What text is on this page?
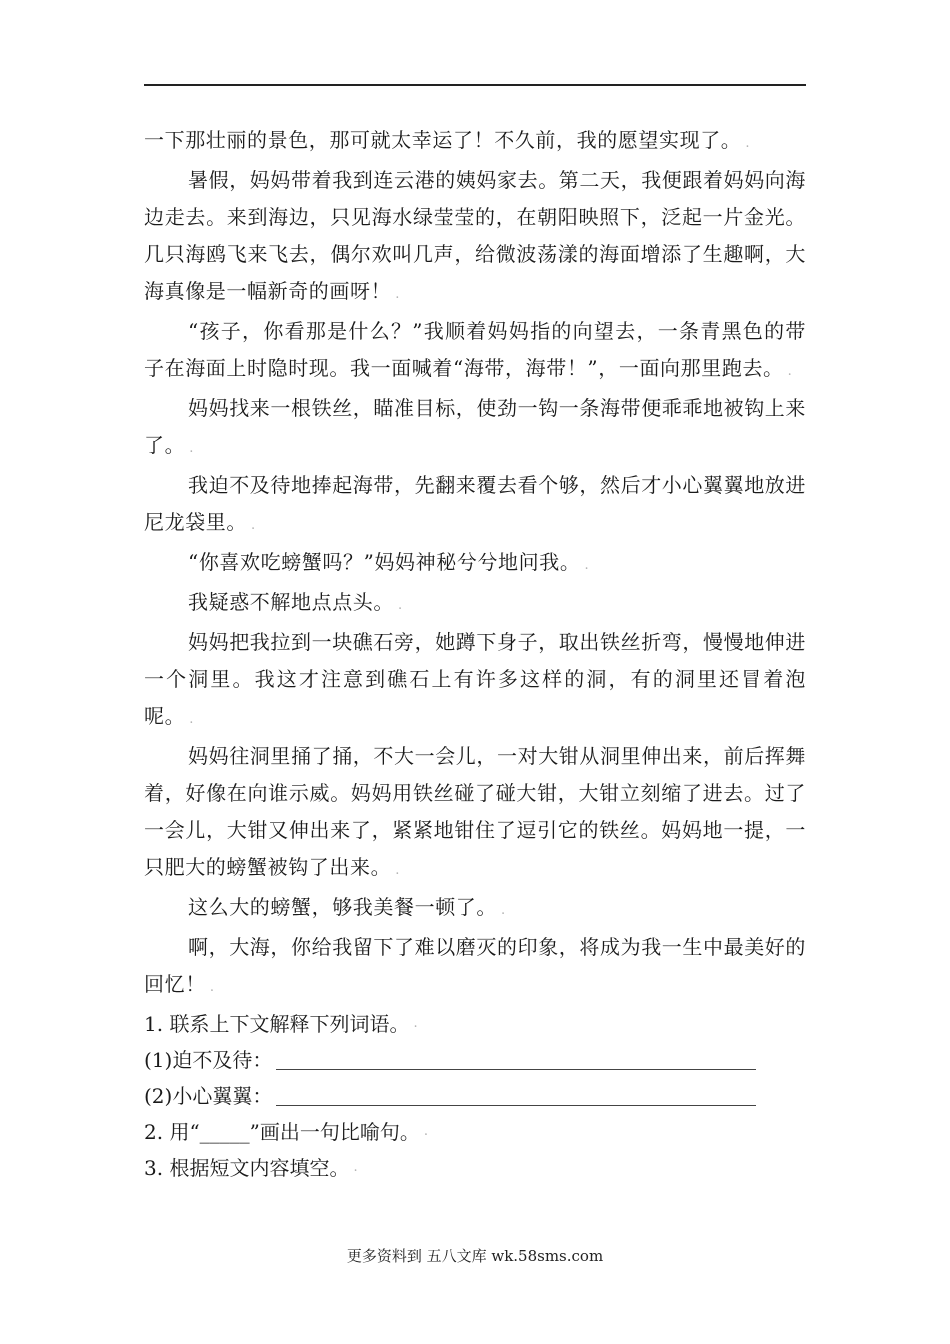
一下那壮丽的景色，那可就太幸运了！不久前，我的愿望实现了。 .

暑假，妈妈带着我到连云港的姨妈家去。第二天，我便跟着妈妈向海边走去。来到海边，只见海水绿莹莹的，在朝阳映照下，泛起一片金光。几只海鸥飞来飞去，偶尔欢叫几声，给微波荡漾的海面增添了生趣啊，大海真像是一幅新奇的画呀！ .

“孩子，你看那是什么？”我顺着妈妈指的向望去，一条青黑色的带子在海面上时隐时现。我一面喊着“海带，海带！”，一面向那里跑去。 .

妈妈找来一根铁丝，瞄准目标，使劲一钩一条海带便乖乖地被钩上来了。 .

我迫不及待地捧起海带，先翻来覆去看个够，然后才小心翼翼地放进尼龙袋里。 .

“你喜欢吃螃蟹吗？”妈妈神秘兮兮地问我。 .

我疑惑不解地点点头。 .

妈妈把我拉到一块礁石旁，她蹲下身子，取出铁丝折弯，慢慢地伸进一个洞里。我这才注意到礁石上有许多这样的洞，有的洞里还冒着泡呢。 .

妈妈往洞里捅了捅，不大一会儿，一对大钳从洞里伸出来，前后挥舞着，好像在向谁示威。妈妈用铁丝碰了碰大钳，大钳立刻缩了进去。过了一会儿，大钳又伸出来了，紧紧地钳住了逗引它的铁丝。妈妈地一提，一只肥大的螃蟹被钩了出来。 .

这么大的螃蟹，够我美餐一顿了。 .

啊，大海，你给我留下了难以磨灭的印象，将成为我一生中最美好的回忆！ .

1. 联系上下文解释下列词语。 .

(1)迫不及待：

(2)小心翼翼：

2. 用“_____”画出一句比喻句。 .

3. 根据短文内容填空。 .

更多资料到 五八文库 wk.58sms.com
